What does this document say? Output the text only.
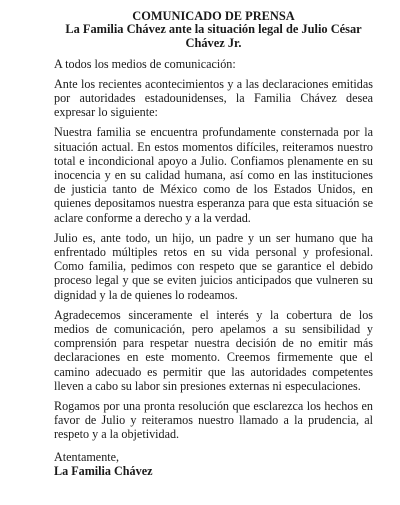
COMUNICADO DE PRENSA
La Familia Chávez ante la situación legal de Julio César Chávez Jr.

A todos los medios de comunicación:

Ante los recientes acontecimientos y a las declaraciones emitidas por autoridades estadounidenses, la Familia Chávez desea expresar lo siguiente:

Nuestra familia se encuentra profundamente consternada por la situación actual. En estos momentos difíciles, reiteramos nuestro total e incondicional apoyo a Julio. Confiamos plenamente en su inocencia y en su calidad humana, así como en las instituciones de justicia tanto de México como de los Estados Unidos, en quienes depositamos nuestra esperanza para que esta situación se aclare conforme a derecho y a la verdad.

Julio es, ante todo, un hijo, un padre y un ser humano que ha enfrentado múltiples retos en su vida personal y profesional. Como familia, pedimos con respeto que se garantice el debido proceso legal y que se eviten juicios anticipados que vulneren su dignidad y la de quienes lo rodeamos.

Agradecemos sinceramente el interés y la cobertura de los medios de comunicación, pero apelamos a su sensibilidad y comprensión para respetar nuestra decisión de no emitir más declaraciones en este momento. Creemos firmemente que el camino adecuado es permitir que las autoridades competentes lleven a cabo su labor sin presiones externas ni especulaciones.

Rogamos por una pronta resolución que esclarezca los hechos en favor de Julio y reiteramos nuestro llamado a la prudencia, al respeto y a la objetividad.

Atentamente,

La Familia Chávez
